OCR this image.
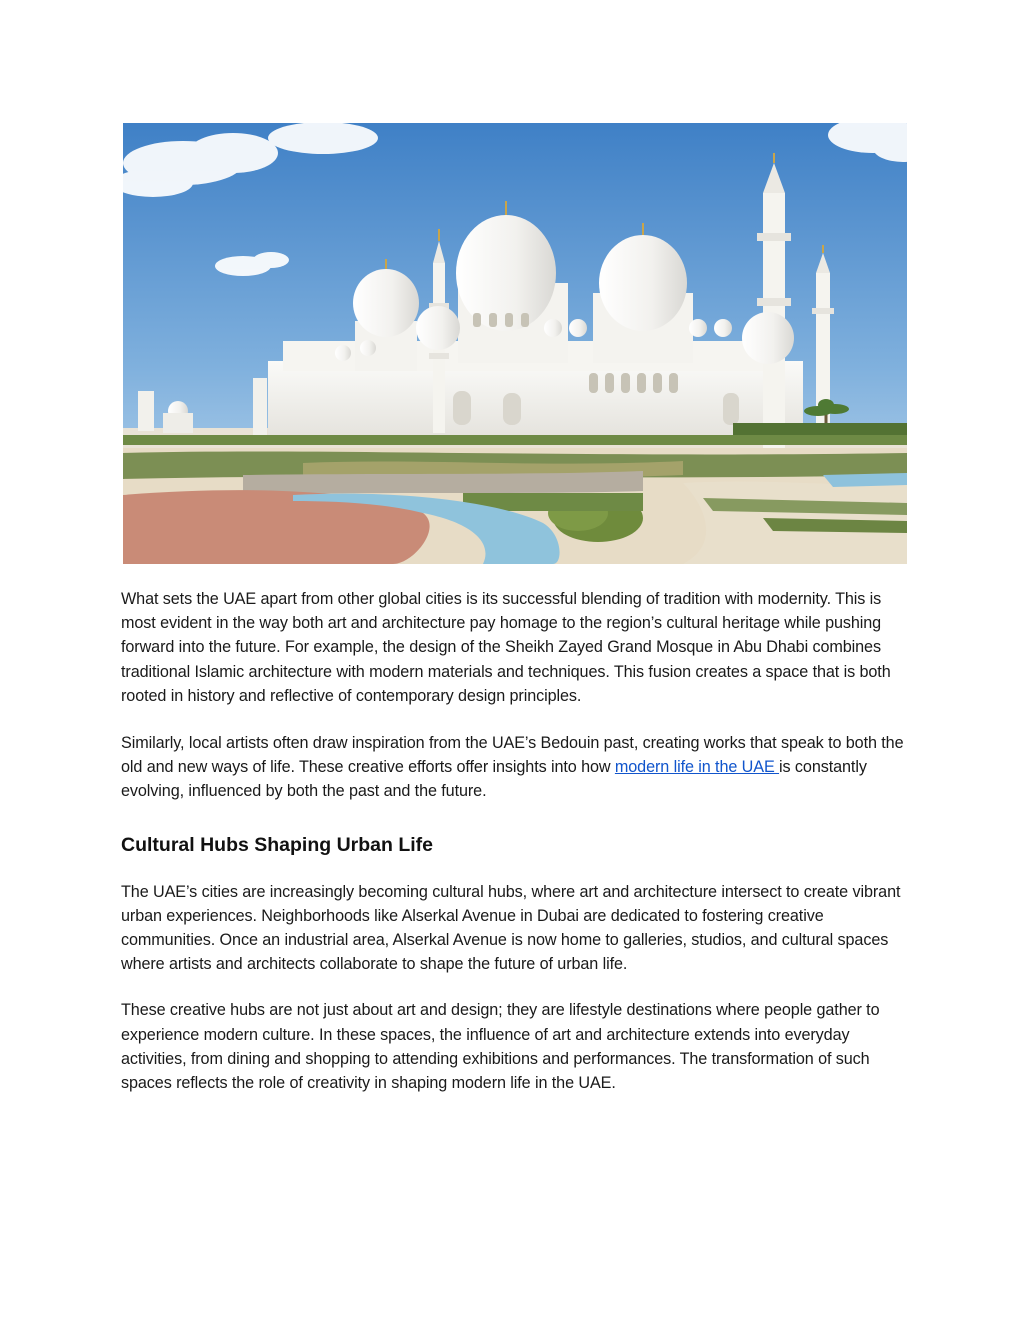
What sets the UAE apart from other global cities is its successful blending of tradition with modernity. This is most evident in the way both art and architecture pay homage to the region’s cultural heritage while pushing forward into the future. For example, the design of the Sheikh Zayed Grand Mosque in Abu Dhabi combines traditional Islamic architecture with modern materials and techniques. This fusion creates a space that is both rooted in history and reflective of contemporary design principles.

Similarly, local artists often draw inspiration from the UAE’s Bedouin past, creating works that speak to both the old and new ways of life. These creative efforts offer insights into how modern life in the UAE is constantly evolving, influenced by both the past and the future.

Cultural Hubs Shaping Urban Life

The UAE’s cities are increasingly becoming cultural hubs, where art and architecture intersect to create vibrant urban experiences. Neighborhoods like Alserkal Avenue in Dubai are dedicated to fostering creative communities. Once an industrial area, Alserkal Avenue is now home to galleries, studios, and cultural spaces where artists and architects collaborate to shape the future of urban life.

These creative hubs are not just about art and design; they are lifestyle destinations where people gather to experience modern culture. In these spaces, the influence of art and architecture extends into everyday activities, from dining and shopping to attending exhibitions and performances. The transformation of such spaces reflects the role of creativity in shaping modern life in the UAE.
